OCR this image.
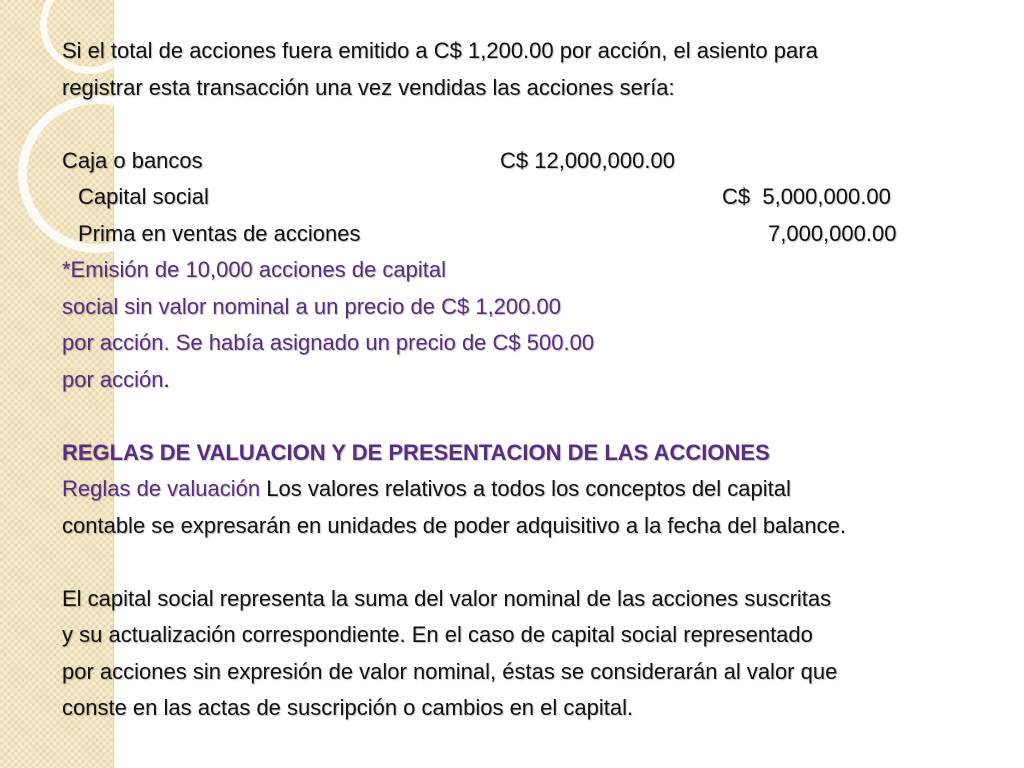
Si el total de acciones fuera emitido a C$ 1,200.00 por acción, el asiento para
registrar esta transacción una vez vendidas las acciones sería:
Caja o bancos	C$ 12,000,000.00
Capital social	C$  5,000,000.00
Prima en ventas de acciones	7,000,000.00
*Emisión de 10,000 acciones de capital
social sin valor nominal a un precio de C$ 1,200.00
por acción. Se había asignado un precio de C$ 500.00
por acción.
REGLAS DE VALUACION Y DE PRESENTACION DE LAS ACCIONES
Reglas de valuación Los valores relativos a todos los conceptos del capital
contable se expresarán en unidades de poder adquisitivo a la fecha del balance.
El capital social representa la suma del valor nominal de las acciones suscritas
y su actualización correspondiente. En el caso de capital social representado
por acciones sin expresión de valor nominal, éstas se considerarán al valor que
conste en las actas de suscripción o cambios en el capital.
